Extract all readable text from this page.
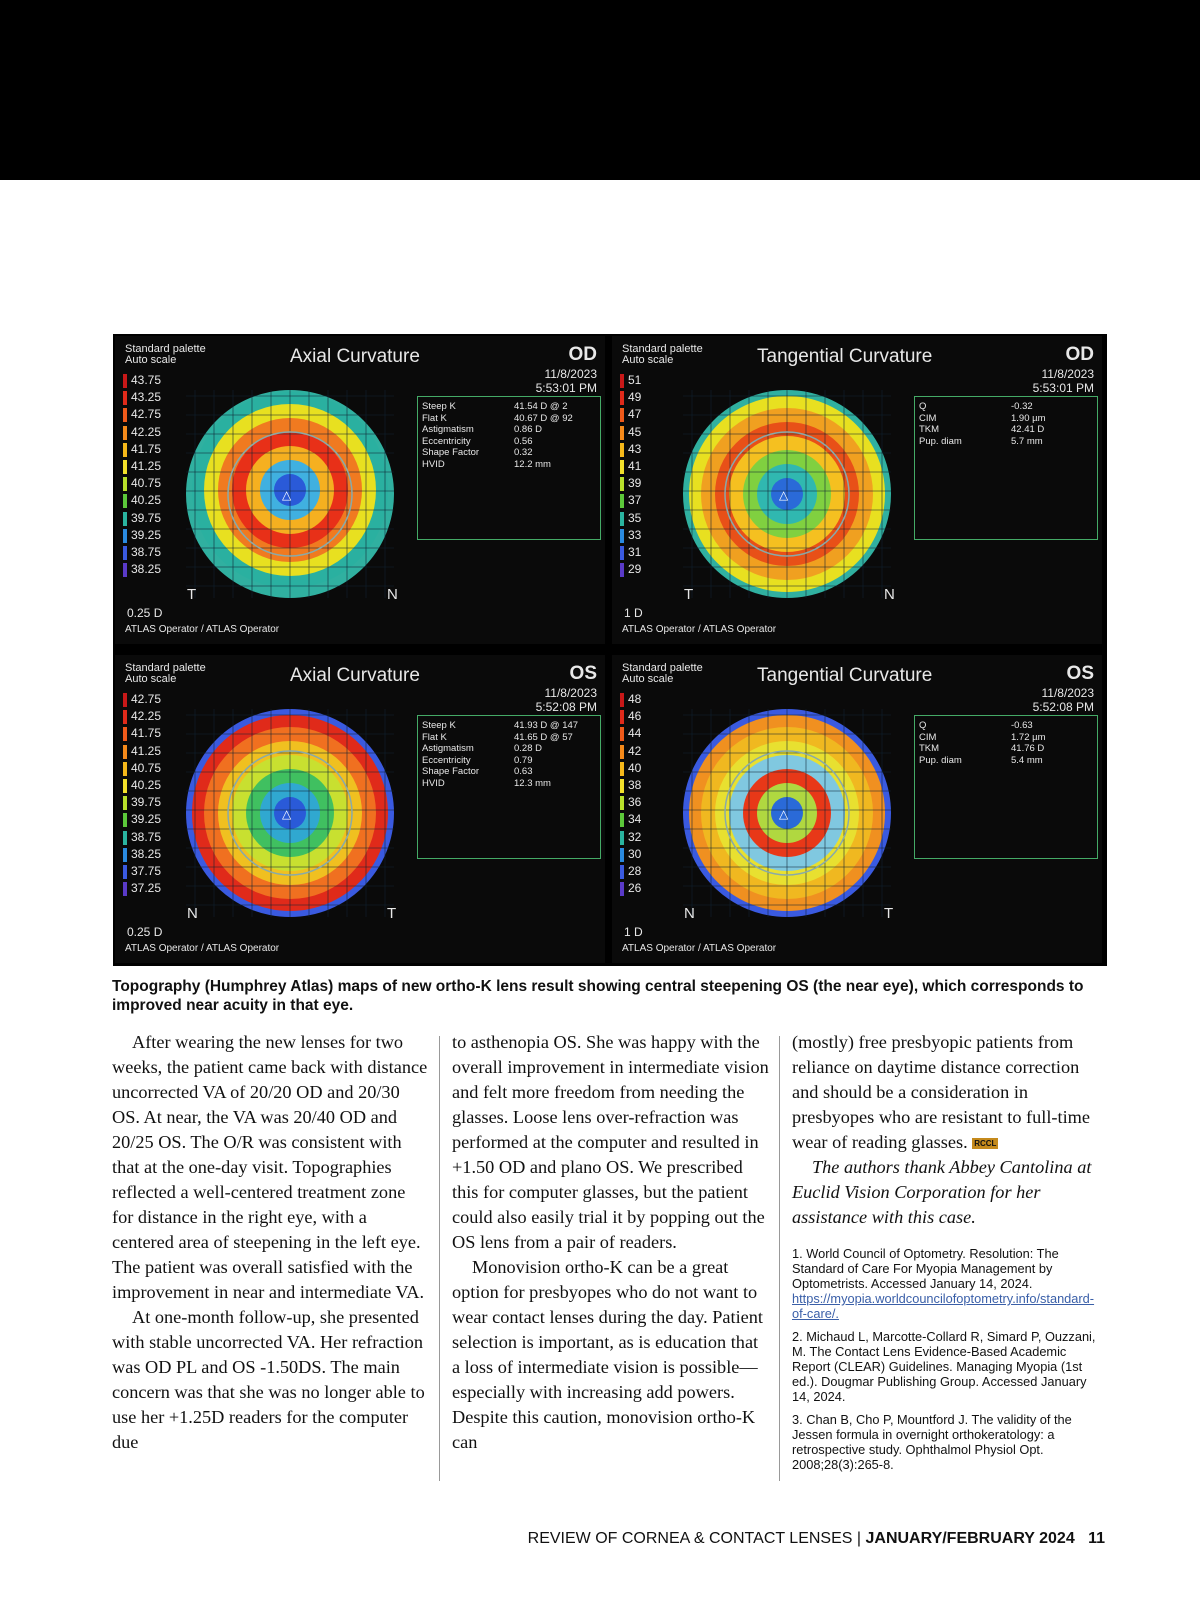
Standard palette
Auto scale	Axial Curvature	OD
11/8/2023
5:53:01 PM
43.75
43.25
42.75
42.25
41.75
41.25
40.75
40.25
39.75
39.25
38.75
38.25
0.25 D
ATLAS Operator / ATLAS Operator
Steep K	41.54 D @ 2
Flat K	40.67 D @ 92
Astigmatism	0.86 D
Eccentricity	0.56
Shape Factor	0.32
HVID	12.2 mm
△
T	N
Standard palette
Auto scale	Tangential Curvature	OD
11/8/2023
5:53:01 PM
51
49
47
45
43
41
39
37
35
33
31
29
1 D
ATLAS Operator / ATLAS Operator
Q	-0.32
CIM	1.90 µm
TKM	42.41 D
Pup. diam	5.7 mm
△
T	N
Standard palette
Auto scale	Axial Curvature	OS
11/8/2023
5:52:08 PM
42.75
42.25
41.75
41.25
40.75
40.25
39.75
39.25
38.75
38.25
37.75
37.25
0.25 D
ATLAS Operator / ATLAS Operator
Steep K	41.93 D @ 147
Flat K	41.65 D @ 57
Astigmatism	0.28 D
Eccentricity	0.79
Shape Factor	0.63
HVID	12.3 mm
△
N	T
Standard palette
Auto scale	Tangential Curvature	OS
11/8/2023
5:52:08 PM
48
46
44
42
40
38
36
34
32
30
28
26
1 D
ATLAS Operator / ATLAS Operator
Q	-0.63
CIM	1.72 µm
TKM	41.76 D
Pup. diam	5.4 mm
△
N	T
Topography (Humphrey Atlas) maps of new ortho-K lens result showing central steepening OS (the near eye), which corresponds to improved near acuity in that eye.

After wearing the new lenses for two weeks, the patient came back with distance uncorrected VA of 20/20 OD and 20/30 OS. At near, the VA was 20/40 OD and 20/25 OS. The O/R was consistent with that at the one-day visit. Topographies reflected a well-centered treatment zone for distance in the right eye, with a centered area of steepening in the left eye. The patient was overall satisfied with the improvement in near and intermediate VA.

At one-month follow-up, she presented with stable uncorrected VA. Her refraction was OD PL and OS -1.50DS. The main concern was that she was no longer able to use her +1.25D readers for the computer due

to asthenopia OS. She was happy with the overall improvement in intermediate vision and felt more freedom from needing the glasses. Loose lens over-refraction was performed at the computer and resulted in +1.50 OD and plano OS. We prescribed this for computer glasses, but the patient could also easily trial it by popping out the OS lens from a pair of readers.

Monovision ortho-K can be a great option for presbyopes who do not want to wear contact lenses during the day. Patient selection is important, as is education that a loss of intermediate vision is possible—especially with increasing add powers. Despite this caution, monovision ortho-K can

(mostly) free presbyopic patients from reliance on daytime distance correction and should be a consideration in presbyopes who are resistant to full-time wear of reading glasses. RCCL

The authors thank Abbey Cantolina at Euclid Vision Corporation for her assistance with this case.

1. World Council of Optometry. Resolution: The Standard of Care For Myopia Management by Optometrists. Accessed January 14, 2024. https://myopia.worldcouncilofoptometry.info/standard-of-care/.
2. Michaud L, Marcotte-Collard R, Simard P, Ouzzani, M. The Contact Lens Evidence-Based Academic Report (CLEAR) Guidelines. Managing Myopia (1st ed.). Dougmar Publishing Group. Accessed January 14, 2024.
3. Chan B, Cho P, Mountford J. The validity of the Jessen formula in overnight orthokeratology: a retrospective study. Ophthalmol Physiol Opt. 2008;28(3):265-8.
REVIEW OF CORNEA & CONTACT LENSES | JANUARY/FEBRUARY 2024 11
